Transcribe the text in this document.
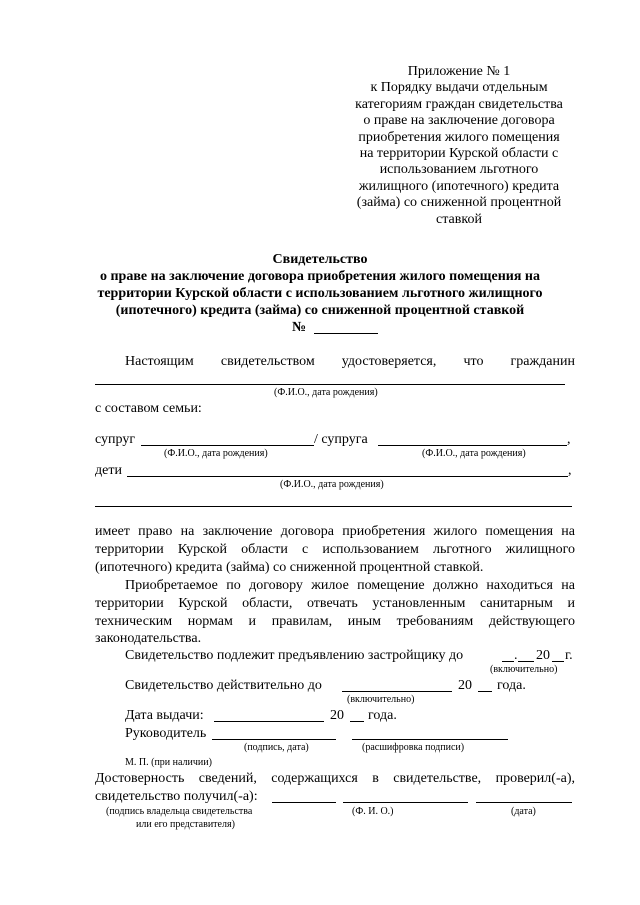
Приложение № 1
к Порядку выдачи отдельным
категориям граждан свидетельства
о праве на заключение договора
приобретения жилого помещения
на территории Курской области с
использованием льготного
жилищного (ипотечного) кредита
(займа) со сниженной процентной
ставкой
Свидетельство
о праве на заключение договора приобретения жилого помещения на
территории Курской области с использованием льготного жилищного
(ипотечного) кредита (займа) со сниженной процентной ставкой
№
Настоящим свидетельством удостоверяется, что гражданин
(Ф.И.О., дата рождения)
с составом семьи:
супруг	/ супруга	,
(Ф.И.О., дата рождения)	(Ф.И.О., дата рождения)
дети	,
(Ф.И.О., дата рождения)
имеет право на заключение договора приобретения жилого помещения на
территории Курской области с использованием льготного жилищного
(ипотечного) кредита (займа) со сниженной процентной ставкой.
Приобретаемое по договору жилое помещение должно находиться на
территории Курской области, отвечать установленным санитарным и
техническим нормам и правилам, иным требованиям действующего
законодательства.
Свидетельство подлежит предъявлению застройщику до	. 20 г.
(включительно)
Свидетельство действительно до	20 года.
(включительно)
Дата выдачи:	20 года.
Руководитель
(подпись, дата)	(расшифровка подписи)
М. П. (при наличии)
Достоверность сведений, содержащихся в свидетельстве, проверил(-а),
свидетельство получил(-а):
(подпись владельца свидетельства
или его представителя)
(Ф. И. О.)	(дата)
